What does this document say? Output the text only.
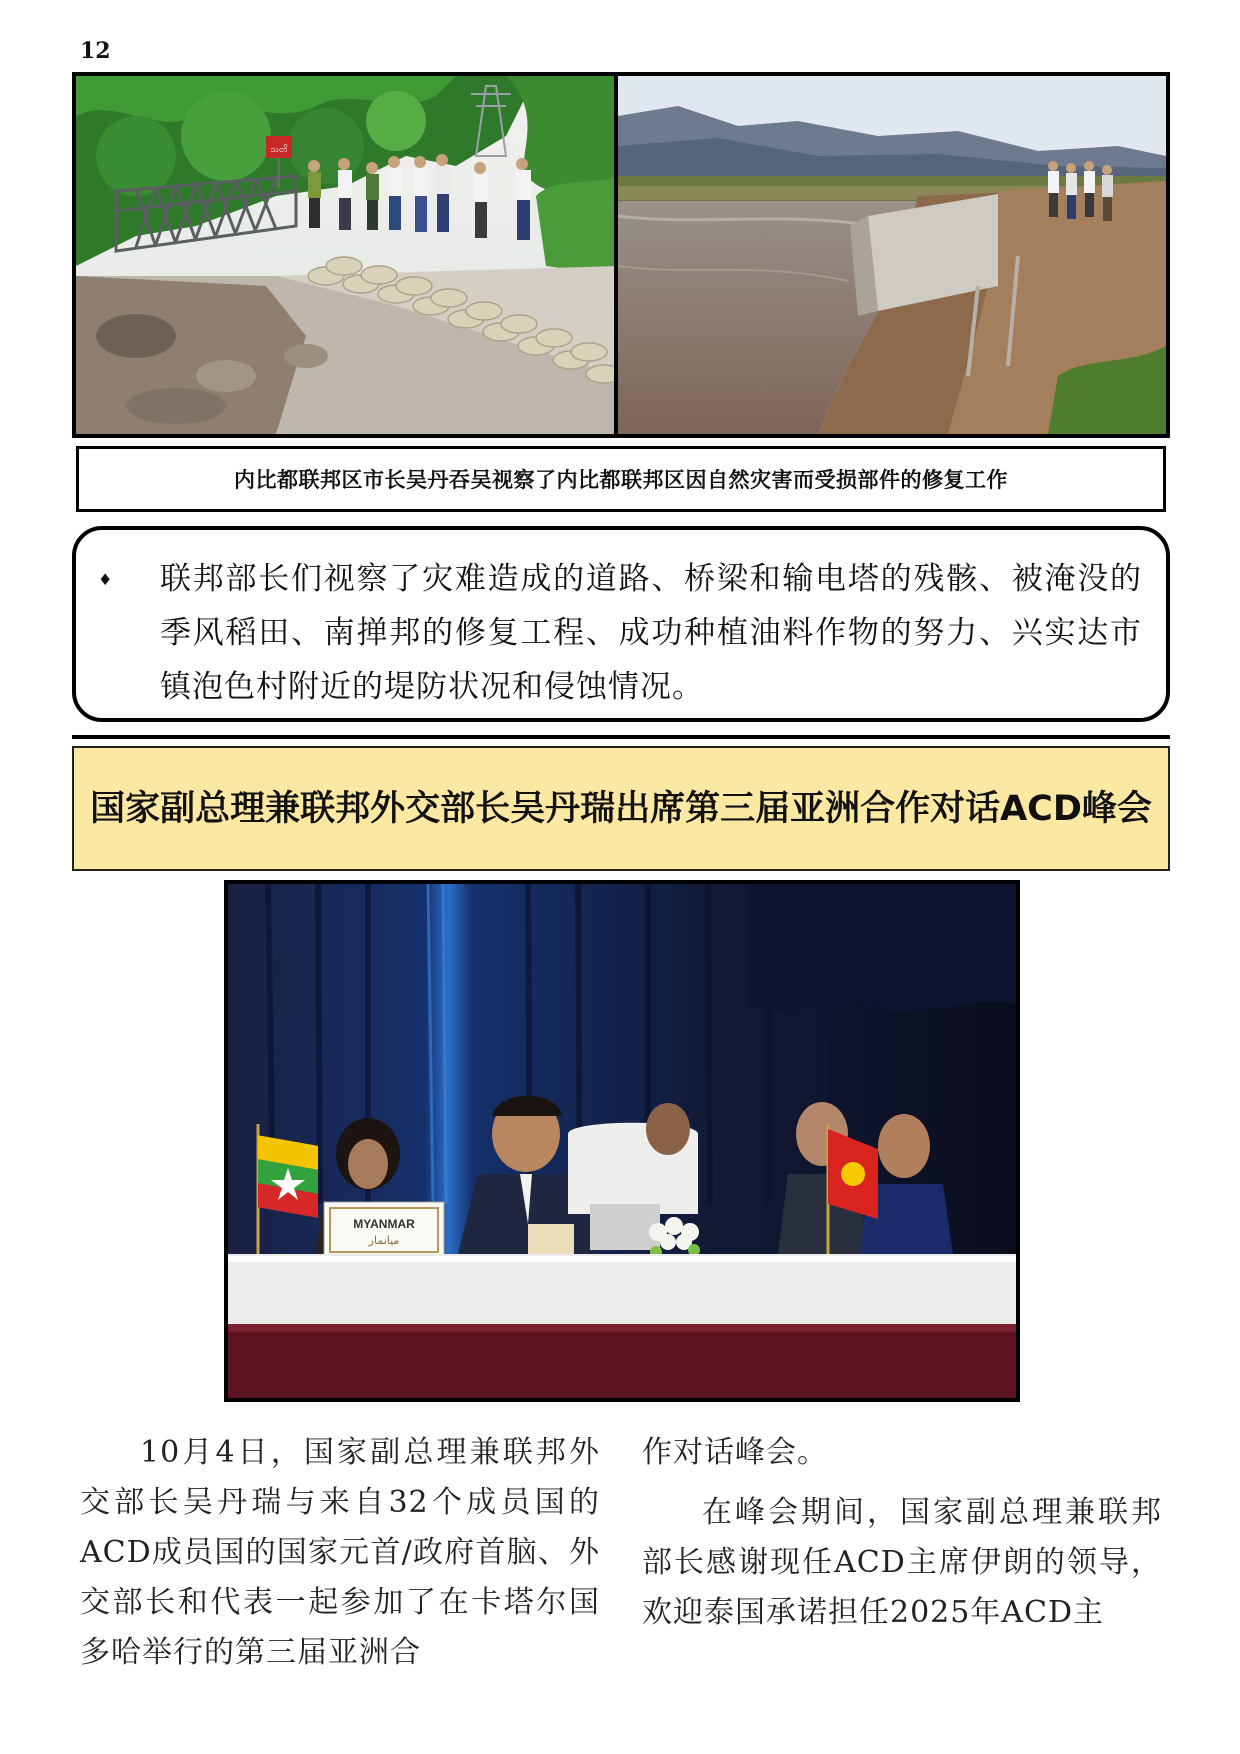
12
သတိ
内比都联邦区市长吴丹吞吴视察了内比都联邦区因自然灾害而受损部件的修复工作
♦	联邦部长们视察了灾难造成的道路、桥梁和输电塔的残骸、被淹没的季风稻田、南掸邦的修复工程、成功种植油料作物的努力、兴实达市镇泡色村附近的堤防状况和侵蚀情况。

国家副总理兼联邦外交部长吴丹瑞出席第三届亚洲合作对话ACD峰会
MYANMAR
ميانمار

10月4日，国家副总理兼联邦外交部长吴丹瑞与来自32个成员国的ACD成员国的国家元首/政府首脑、外交部长和代表一起参加了在卡塔尔国多哈举行的第三届亚洲合

作对话峰会。

在峰会期间，国家副总理兼联邦部长感谢现任ACD主席伊朗的领导，欢迎泰国承诺担任2025年ACD主
